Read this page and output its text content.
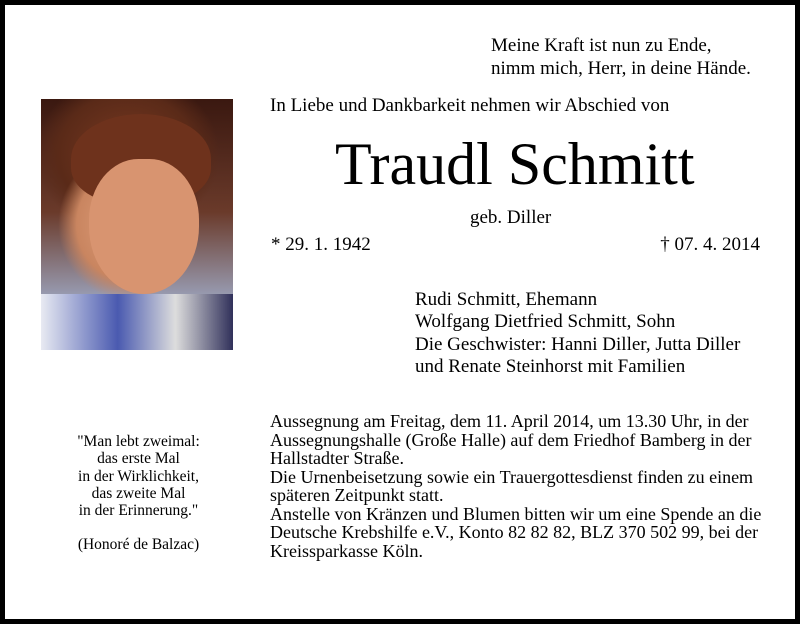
Meine Kraft ist nun zu Ende,
nimm mich, Herr, in deine Hände.
In Liebe und Dankbarkeit nehmen wir Abschied von
Traudl Schmitt
geb. Diller
* 29. 1. 1942	† 07. 4. 2014
Rudi Schmitt, Ehemann
Wolfgang Dietfried Schmitt, Sohn
Die Geschwister: Hanni Diller, Jutta Diller
und Renate Steinhorst mit Familien
"Man lebt zweimal:
das erste Mal
in der Wirklichkeit,
das zweite Mal
in der Erinnerung."
(Honoré de Balzac)
Aussegnung am Freitag, dem 11. April 2014, um 13.30 Uhr, in der
Aussegnungshalle (Große Halle) auf dem Friedhof Bamberg in der
Hallstadter Straße.
Die Urnenbeisetzung sowie ein Trauergottesdienst finden zu einem
späteren Zeitpunkt statt.
Anstelle von Kränzen und Blumen bitten wir um eine Spende an die
Deutsche Krebshilfe e.V., Konto 82 82 82, BLZ 370 502 99, bei der
Kreissparkasse Köln.
